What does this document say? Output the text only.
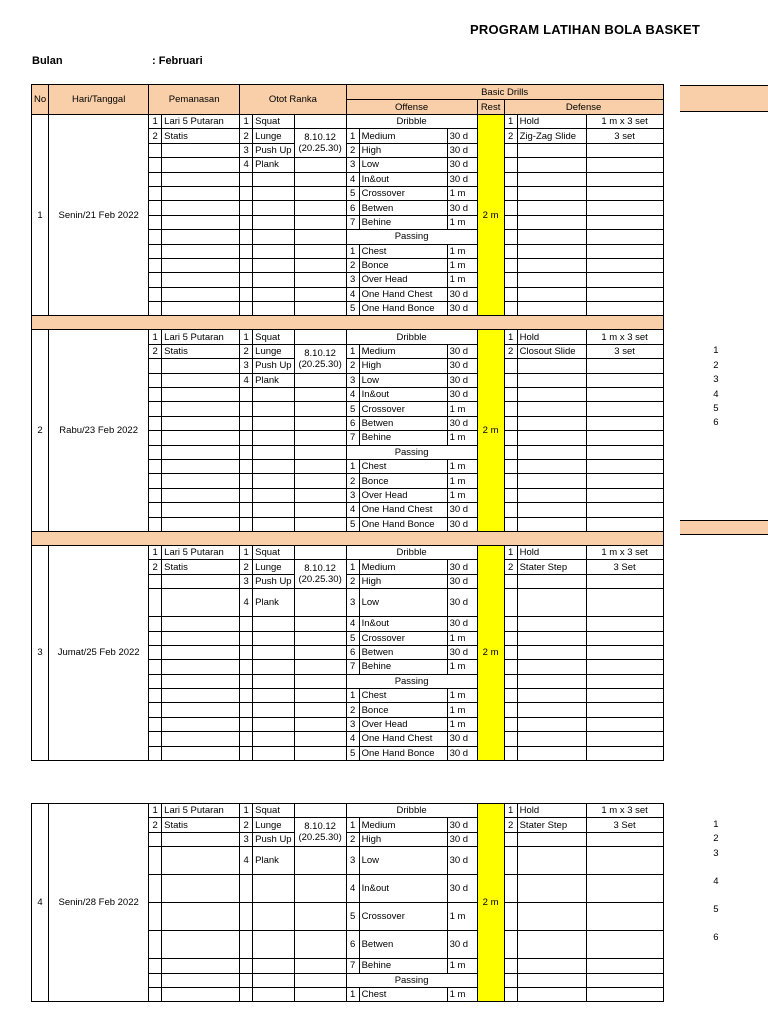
PROGRAM LATIHAN BOLA BASKET
Bulan	: Februari
No	Hari/Tanggal	Pemanasan		Otot Ranka			Basic Drills						
							Offense			Rest	Defense		
1	Senin/21 Feb 2022	1	Lari 5 Putaran	1	Squat		Dribble			2 m	1	Hold	1 m x 3 set
		2	Statis	2	Lunge	8.10.12
(20.25.30)	1	Medium	30 d		2	Zig-Zag Slide	3 set
				3	Push Up		2	High	30 d				
				4	Plank		3	Low	30 d				
							4	In&out	30 d				
							5	Crossover	1 m				
							6	Betwen	30 d				
							7	Behine	1 m				
							Passing						
							1	Chest	1 m				
							2	Bonce	1 m				
							3	Over Head	1 m				
							4	One Hand Chest	30 d				
							5	One Hand Bonce	30 d				

2	Rabu/23 Feb 2022	1	Lari 5 Putaran	1	Squat		Dribble			2 m	1	Hold	1 m x 3 set
		2	Statis	2	Lunge	8.10.12
(20.25.30)	1	Medium	30 d		2	Closout Slide	3 set		1

				3	Push Up		2	High	30 d					2

				4	Plank		3	Low	30 d					3

							4	In&out	30 d					4

							5	Crossover	1 m					5

							6	Betwen	30 d					6

							7	Behine	1 m				
							Passing						
							1	Chest	1 m				
							2	Bonce	1 m				
							3	Over Head	1 m				
							4	One Hand Chest	30 d				
							5	One Hand Bonce	30 d				

3	Jumat/25 Feb 2022	1	Lari 5 Putaran	1	Squat		Dribble			2 m	1	Hold	1 m x 3 set
		2	Statis	2	Lunge	8.10.12
(20.25.30)	1	Medium	30 d		2	Stater Step	3 Set
				3	Push Up		2	High	30 d				
				4	Plank		3	Low	30 d				
							4	In&out	30 d				
							5	Crossover	1 m				
							6	Betwen	30 d				
							7	Behine	1 m				
							Passing						
							1	Chest	1 m				
							2	Bonce	1 m				
							3	Over Head	1 m				
							4	One Hand Chest	30 d				
							5	One Hand Bonce	30 d				

4	Senin/28 Feb 2022	1	Lari 5 Putaran	1	Squat		Dribble			2 m	1	Hold	1 m x 3 set
		2	Statis	2	Lunge	8.10.12
(20.25.30)	1	Medium	30 d		2	Stater Step	3 Set		1

				3	Push Up		2	High	30 d					2

				4	Plank		3	Low	30 d				
3

							4	In&out	30 d				
4

							5	Crossover	1 m				
5

							6	Betwen	30 d				
6

							7	Behine	1 m				
							Passing						
							1	Chest	1 m				
